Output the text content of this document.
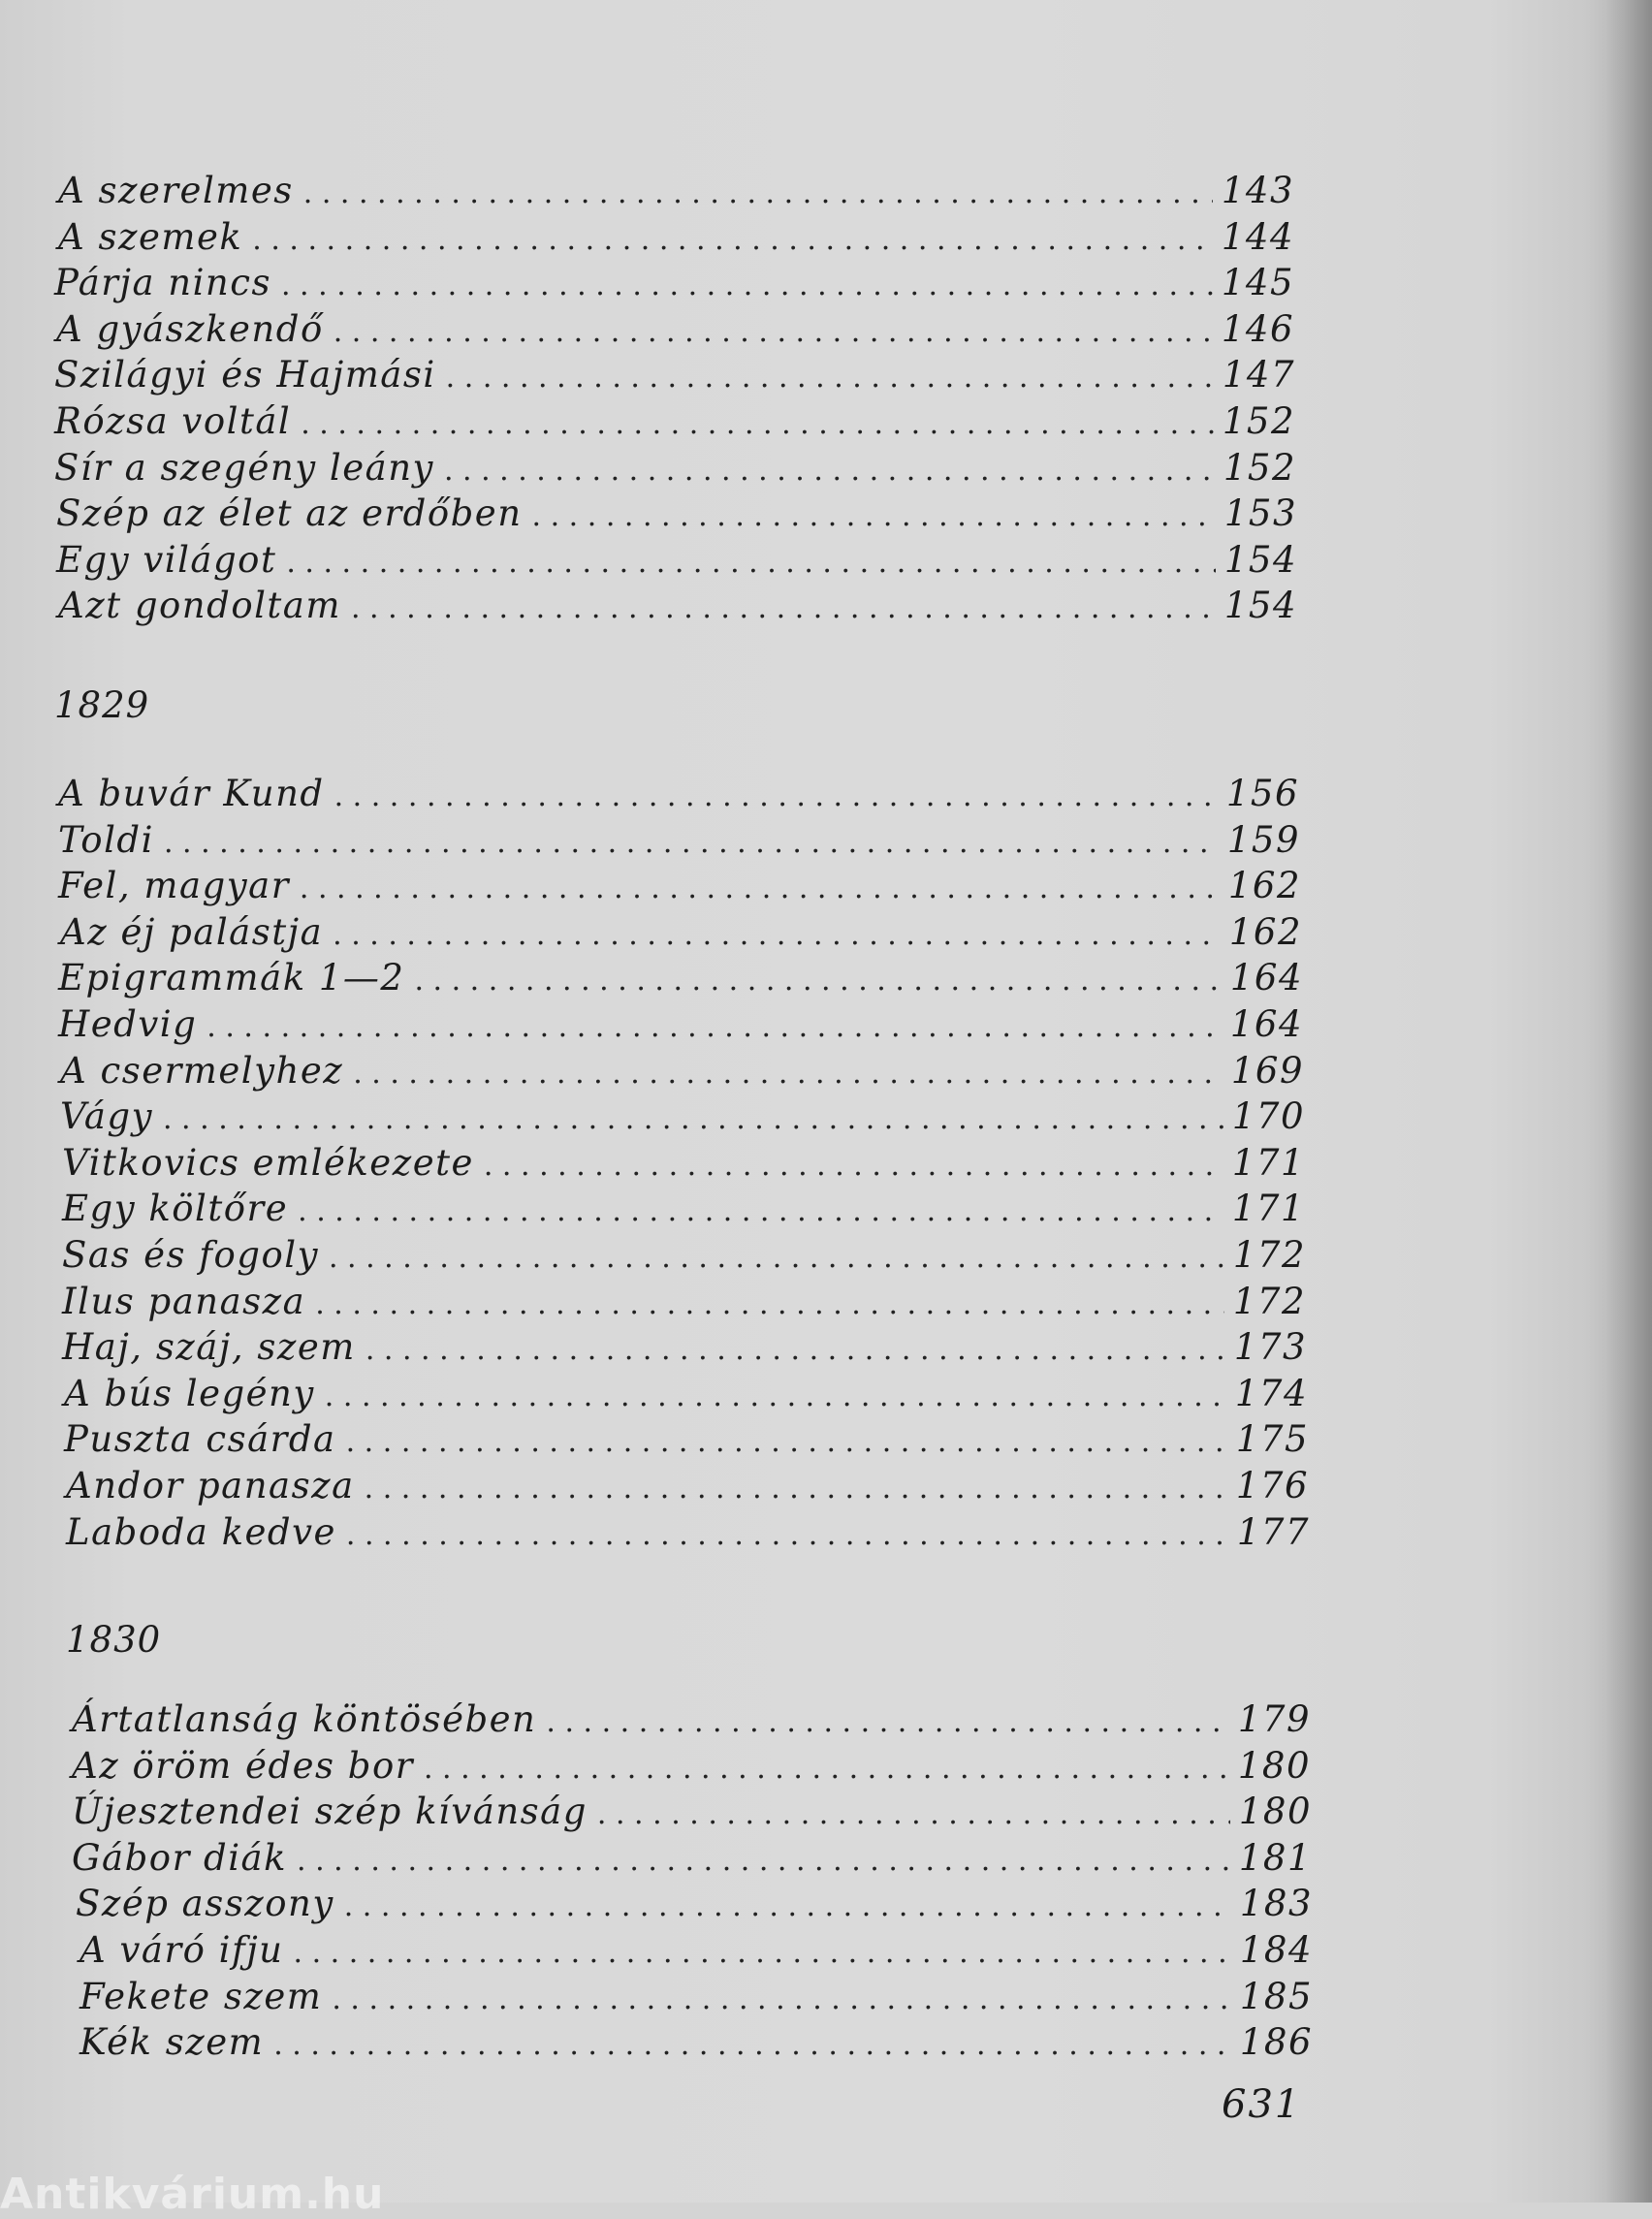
A szerelmes . . .	143
A szemek . . .	144
Párja nincs . . .	145
A gyászkendő . . .	146
Szilágyi és Hajmási . . .	147
Rózsa voltál . . .	152
Sír a szegény leány . . .	152
Szép az élet az erdőben . . .	153
Egy világot . . .	154
Azt gondoltam . . .	154
1829
A buvár Kund . . .	156
Toldi . . .	159
Fel, magyar . . .	162
Az éj palástja . . .	162
Epigrammák 1—2 . . .	164
Hedvig . . .	164
A csermelyhez . . .	169
Vágy . . .	170
Vitkovics emlékezete . . .	171
Egy költőre . . .	171
Sas és fogoly . . .	172
Ilus panasza . . .	172
Haj, száj, szem . . .	173
A bús legény . . .	174
Puszta csárda . . .	175
Andor panasza . . .	176
Laboda kedve . . .	177
1830
Ártatlanság köntösében . . .	179
Az öröm édes bor . . .	180
Újesztendei szép kívánság . . .	180
Gábor diák . . .	181
Szép asszony . . .	183
A váró ifju . . .	184
Fekete szem . . .	185
Kék szem . . .	186
631
Antikvárium.hu
